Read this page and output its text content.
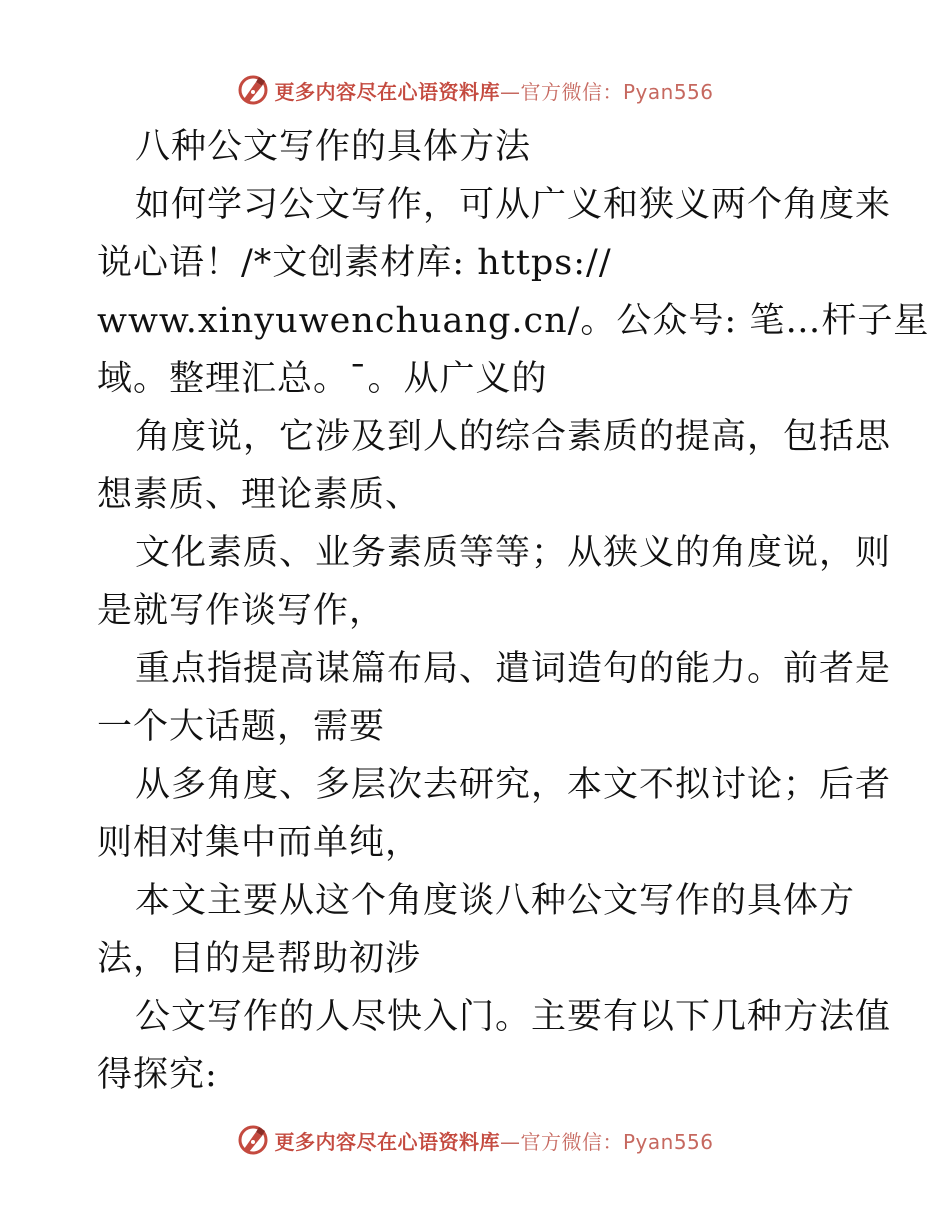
更多内容尽在心语资料库—官方微信：Pyan556
八种公文写作的具体方法
如何学习公文写作，可从广义和狭义两个角度来
说心语！/*文创素材库: https://
www.xinyuwenchuang.cn/。公众号: 笔…杆子星
域。整理汇总。¯。从广义的
角度说，它涉及到人的综合素质的提高，包括思
想素质、理论素质、
文化素质、业务素质等等；从狭义的角度说，则
是就写作谈写作，
重点指提高谋篇布局、遣词造句的能力。前者是
一个大话题，需要
从多角度、多层次去研究，本文不拟讨论；后者
则相对集中而单纯，
本文主要从这个角度谈八种公文写作的具体方
法，目的是帮助初涉
公文写作的人尽快入门。主要有以下几种方法值
得探究:
更多内容尽在心语资料库—官方微信：Pyan556
